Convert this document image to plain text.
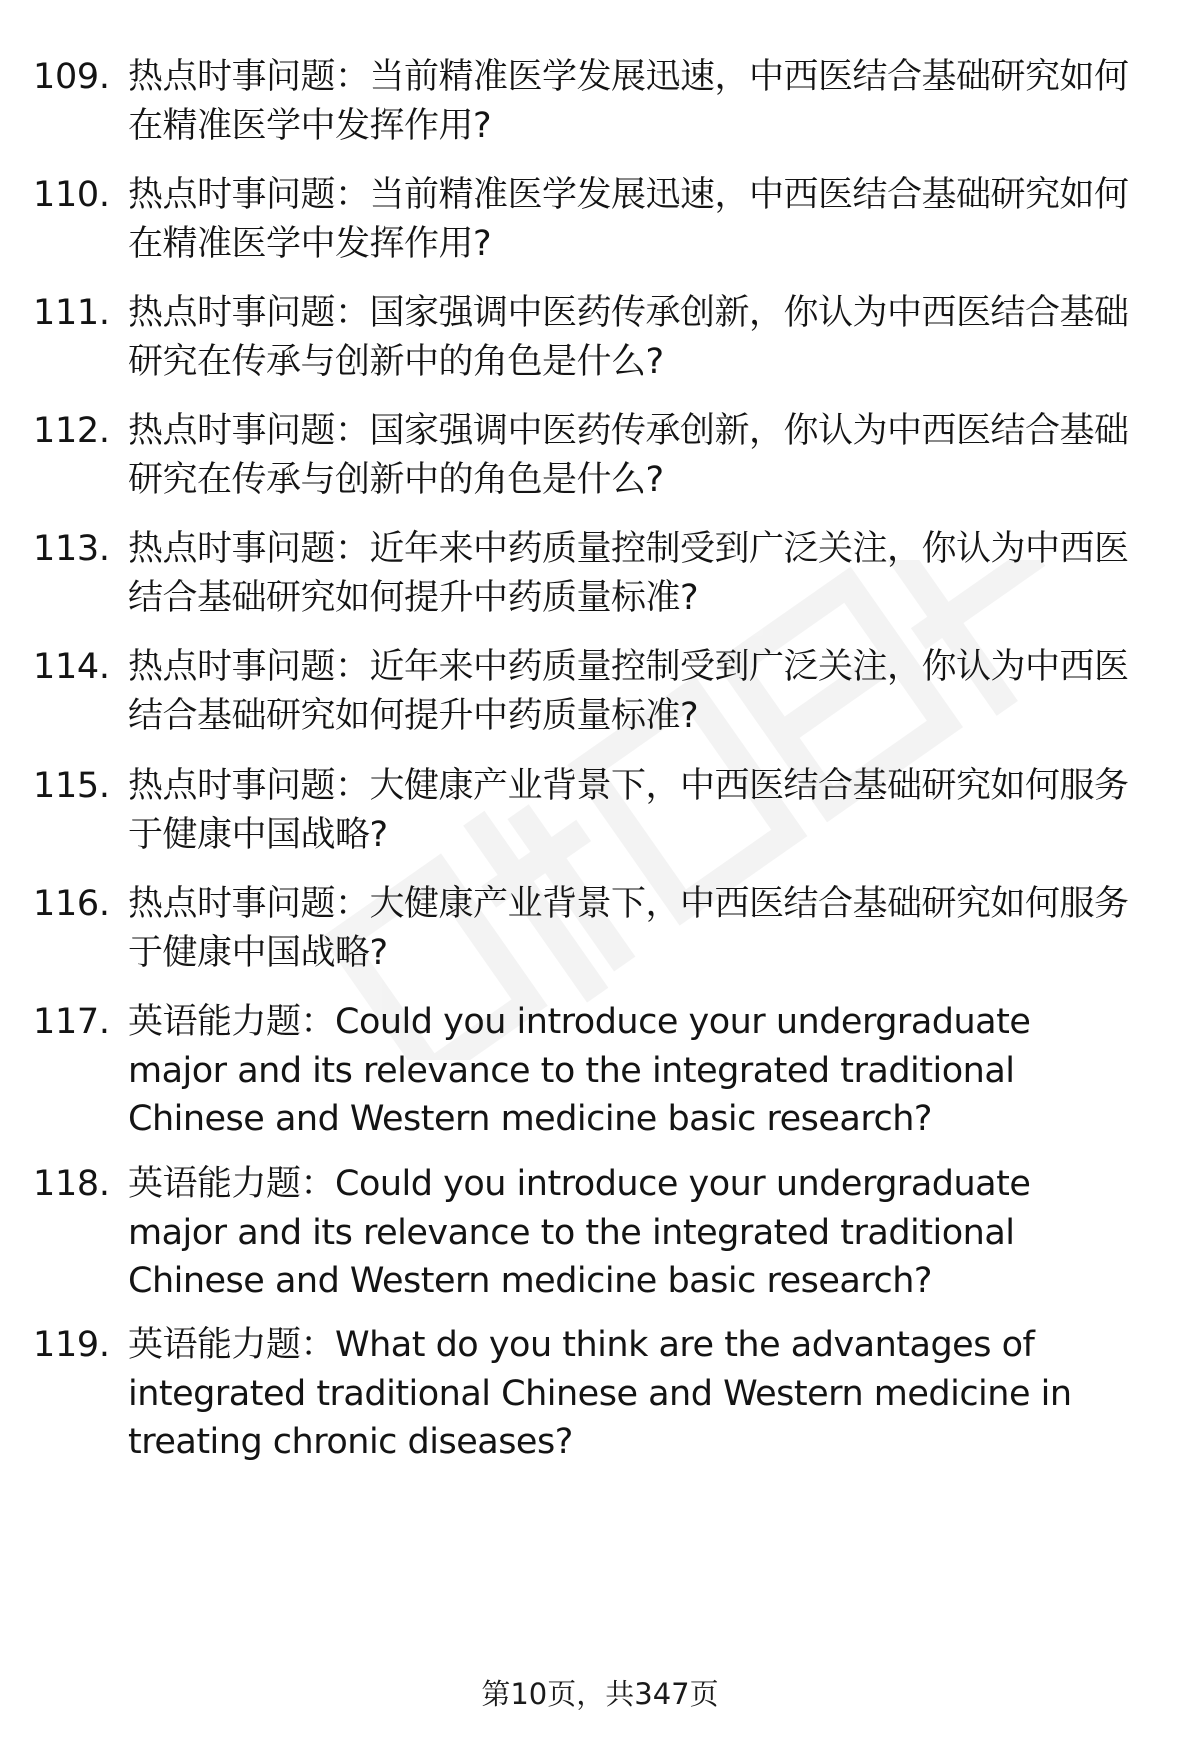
109. 热点时事问题：当前精准医学发展迅速，中西医结合基础研究如何在精准医学中发挥作用?
110. 热点时事问题：当前精准医学发展迅速，中西医结合基础研究如何在精准医学中发挥作用?
111. 热点时事问题：国家强调中医药传承创新，你认为中西医结合基础研究在传承与创新中的角色是什么?
112. 热点时事问题：国家强调中医药传承创新，你认为中西医结合基础研究在传承与创新中的角色是什么?
113. 热点时事问题：近年来中药质量控制受到广泛关注，你认为中西医结合基础研究如何提升中药质量标准?
114. 热点时事问题：近年来中药质量控制受到广泛关注，你认为中西医结合基础研究如何提升中药质量标准?
115. 热点时事问题：大健康产业背景下，中西医结合基础研究如何服务于健康中国战略?
116. 热点时事问题：大健康产业背景下，中西医结合基础研究如何服务于健康中国战略?
117. 英语能力题：Could you introduce your undergraduate major and its relevance to the integrated traditional Chinese and Western medicine basic research?
118. 英语能力题：Could you introduce your undergraduate major and its relevance to the integrated traditional Chinese and Western medicine basic research?
119. 英语能力题：What do you think are the advantages of integrated traditional Chinese and Western medicine in treating chronic diseases?
第10页，共347页
